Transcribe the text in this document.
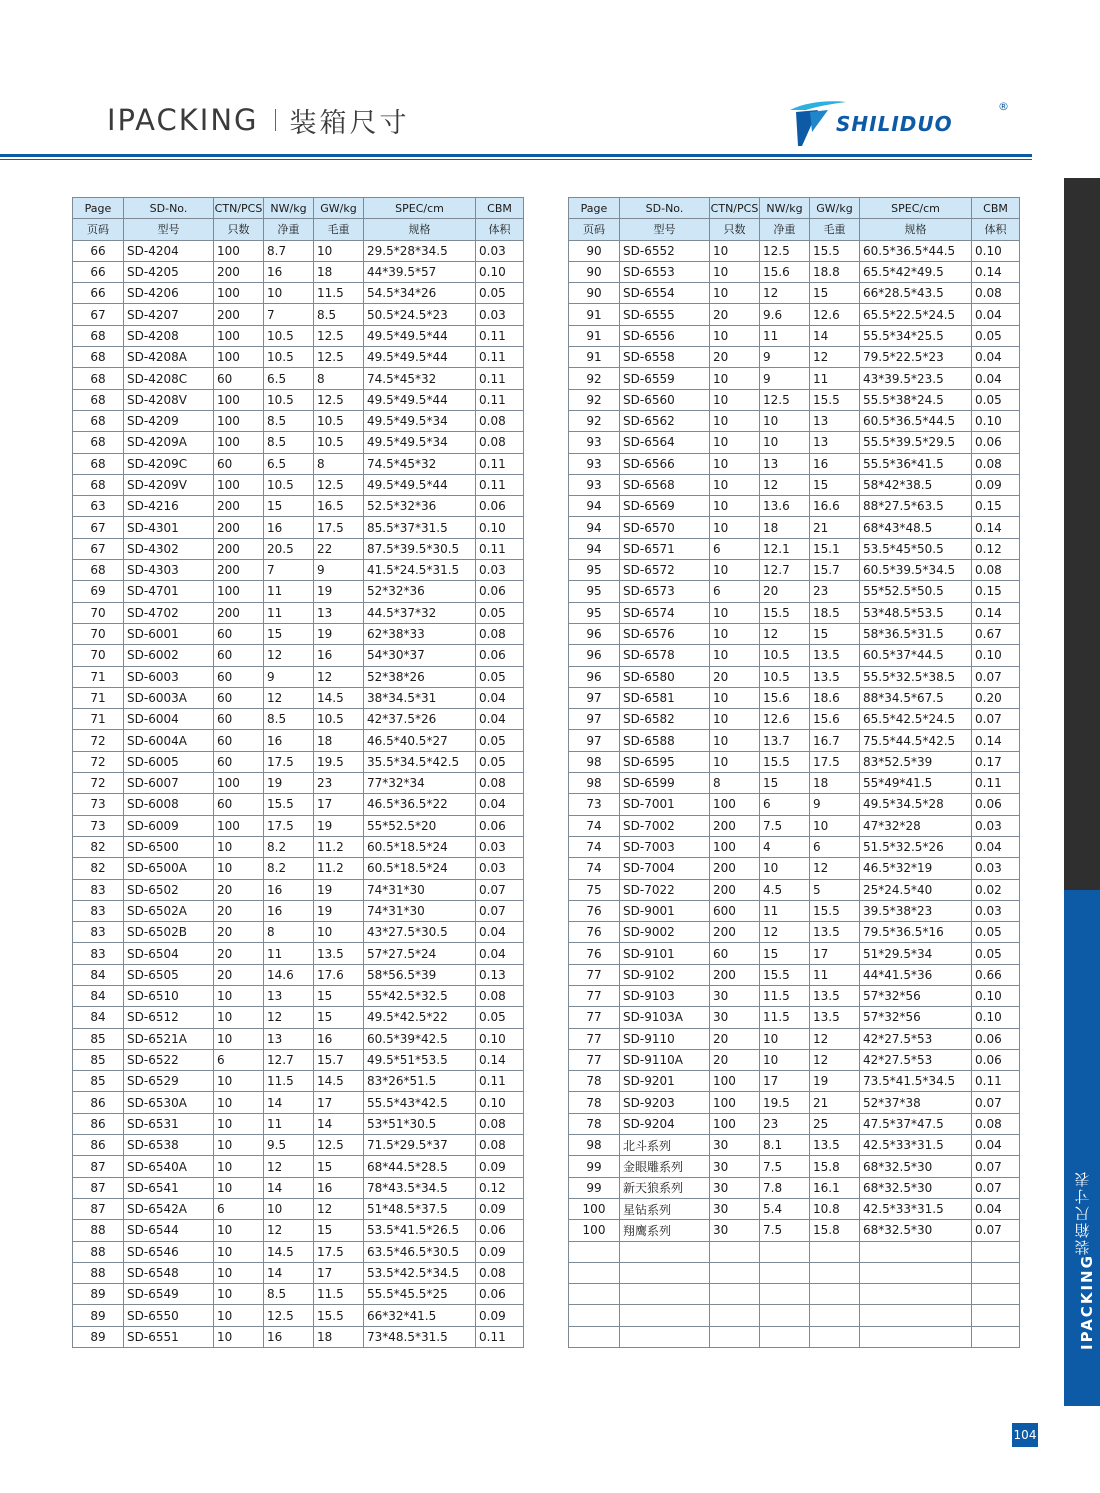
IPACKING 装箱尺寸	SHILIDUO
®
Page	SD-No.	CTN/PCS	NW/kg	GW/kg	SPEC/cm	CBM
页码	型号	只数	净重	毛重	规格	体积
66	SD-4204	100	8.7	10	29.5*28*34.5	0.03
66	SD-4205	200	16	18	44*39.5*57	0.10
66	SD-4206	100	10	11.5	54.5*34*26	0.05
67	SD-4207	200	7	8.5	50.5*24.5*23	0.03
68	SD-4208	100	10.5	12.5	49.5*49.5*44	0.11
68	SD-4208A	100	10.5	12.5	49.5*49.5*44	0.11
68	SD-4208C	60	6.5	8	74.5*45*32	0.11
68	SD-4208V	100	10.5	12.5	49.5*49.5*44	0.11
68	SD-4209	100	8.5	10.5	49.5*49.5*34	0.08
68	SD-4209A	100	8.5	10.5	49.5*49.5*34	0.08
68	SD-4209C	60	6.5	8	74.5*45*32	0.11
68	SD-4209V	100	10.5	12.5	49.5*49.5*44	0.11
63	SD-4216	200	15	16.5	52.5*32*36	0.06
67	SD-4301	200	16	17.5	85.5*37*31.5	0.10
67	SD-4302	200	20.5	22	87.5*39.5*30.5	0.11
68	SD-4303	200	7	9	41.5*24.5*31.5	0.03
69	SD-4701	100	11	19	52*32*36	0.06
70	SD-4702	200	11	13	44.5*37*32	0.05
70	SD-6001	60	15	19	62*38*33	0.08
70	SD-6002	60	12	16	54*30*37	0.06
71	SD-6003	60	9	12	52*38*26	0.05
71	SD-6003A	60	12	14.5	38*34.5*31	0.04
71	SD-6004	60	8.5	10.5	42*37.5*26	0.04
72	SD-6004A	60	16	18	46.5*40.5*27	0.05
72	SD-6005	60	17.5	19.5	35.5*34.5*42.5	0.05
72	SD-6007	100	19	23	77*32*34	0.08
73	SD-6008	60	15.5	17	46.5*36.5*22	0.04
73	SD-6009	100	17.5	19	55*52.5*20	0.06
82	SD-6500	10	8.2	11.2	60.5*18.5*24	0.03
82	SD-6500A	10	8.2	11.2	60.5*18.5*24	0.03
83	SD-6502	20	16	19	74*31*30	0.07
83	SD-6502A	20	16	19	74*31*30	0.07
83	SD-6502B	20	8	10	43*27.5*30.5	0.04
83	SD-6504	20	11	13.5	57*27.5*24	0.04
84	SD-6505	20	14.6	17.6	58*56.5*39	0.13
84	SD-6510	10	13	15	55*42.5*32.5	0.08
84	SD-6512	10	12	15	49.5*42.5*22	0.05
85	SD-6521A	10	13	16	60.5*39*42.5	0.10
85	SD-6522	6	12.7	15.7	49.5*51*53.5	0.14
85	SD-6529	10	11.5	14.5	83*26*51.5	0.11
86	SD-6530A	10	14	17	55.5*43*42.5	0.10
86	SD-6531	10	11	14	53*51*30.5	0.08
86	SD-6538	10	9.5	12.5	71.5*29.5*37	0.08
87	SD-6540A	10	12	15	68*44.5*28.5	0.09
87	SD-6541	10	14	16	78*43.5*34.5	0.12
87	SD-6542A	6	10	12	51*48.5*37.5	0.09
88	SD-6544	10	12	15	53.5*41.5*26.5	0.06
88	SD-6546	10	14.5	17.5	63.5*46.5*30.5	0.09
88	SD-6548	10	14	17	53.5*42.5*34.5	0.08
89	SD-6549	10	8.5	11.5	55.5*45.5*25	0.06
89	SD-6550	10	12.5	15.5	66*32*41.5	0.09
89	SD-6551	10	16	18	73*48.5*31.5	0.11
Page	SD-No.	CTN/PCS	NW/kg	GW/kg	SPEC/cm	CBM
页码	型号	只数	净重	毛重	规格	体积
90	SD-6552	10	12.5	15.5	60.5*36.5*44.5	0.10
90	SD-6553	10	15.6	18.8	65.5*42*49.5	0.14
90	SD-6554	10	12	15	66*28.5*43.5	0.08
91	SD-6555	20	9.6	12.6	65.5*22.5*24.5	0.04
91	SD-6556	10	11	14	55.5*34*25.5	0.05
91	SD-6558	20	9	12	79.5*22.5*23	0.04
92	SD-6559	10	9	11	43*39.5*23.5	0.04
92	SD-6560	10	12.5	15.5	55.5*38*24.5	0.05
92	SD-6562	10	10	13	60.5*36.5*44.5	0.10
93	SD-6564	10	10	13	55.5*39.5*29.5	0.06
93	SD-6566	10	13	16	55.5*36*41.5	0.08
93	SD-6568	10	12	15	58*42*38.5	0.09
94	SD-6569	10	13.6	16.6	88*27.5*63.5	0.15
94	SD-6570	10	18	21	68*43*48.5	0.14
94	SD-6571	6	12.1	15.1	53.5*45*50.5	0.12
95	SD-6572	10	12.7	15.7	60.5*39.5*34.5	0.08
95	SD-6573	6	20	23	55*52.5*50.5	0.15
95	SD-6574	10	15.5	18.5	53*48.5*53.5	0.14
96	SD-6576	10	12	15	58*36.5*31.5	0.67
96	SD-6578	10	10.5	13.5	60.5*37*44.5	0.10
96	SD-6580	20	10.5	13.5	55.5*32.5*38.5	0.07
97	SD-6581	10	15.6	18.6	88*34.5*67.5	0.20
97	SD-6582	10	12.6	15.6	65.5*42.5*24.5	0.07
97	SD-6588	10	13.7	16.7	75.5*44.5*42.5	0.14
98	SD-6595	10	15.5	17.5	83*52.5*39	0.17
98	SD-6599	8	15	18	55*49*41.5	0.11
73	SD-7001	100	6	9	49.5*34.5*28	0.06
74	SD-7002	200	7.5	10	47*32*28	0.03
74	SD-7003	100	4	6	51.5*32.5*26	0.04
74	SD-7004	200	10	12	46.5*32*19	0.03
75	SD-7022	200	4.5	5	25*24.5*40	0.02
76	SD-9001	600	11	15.5	39.5*38*23	0.03
76	SD-9002	200	12	13.5	79.5*36.5*16	0.05
76	SD-9101	60	15	17	51*29.5*34	0.05
77	SD-9102	200	15.5	11	44*41.5*36	0.66
77	SD-9103	30	11.5	13.5	57*32*56	0.10
77	SD-9103A	30	11.5	13.5	57*32*56	0.10
77	SD-9110	20	10	12	42*27.5*53	0.06
77	SD-9110A	20	10	12	42*27.5*53	0.06
78	SD-9201	100	17	19	73.5*41.5*34.5	0.11
78	SD-9203	100	19.5	21	52*37*38	0.07
78	SD-9204	100	23	25	47.5*37*47.5	0.08
98	北斗系列	30	8.1	13.5	42.5*33*31.5	0.04
99	金眼雕系列	30	7.5	15.8	68*32.5*30	0.07
99	新天狼系列	30	7.8	16.1	68*32.5*30	0.07
100	星钻系列	30	5.4	10.8	42.5*33*31.5	0.04
100	翔鹰系列	30	7.5	15.8	68*32.5*30	0.07

IPACKING
装箱尺寸表
104
